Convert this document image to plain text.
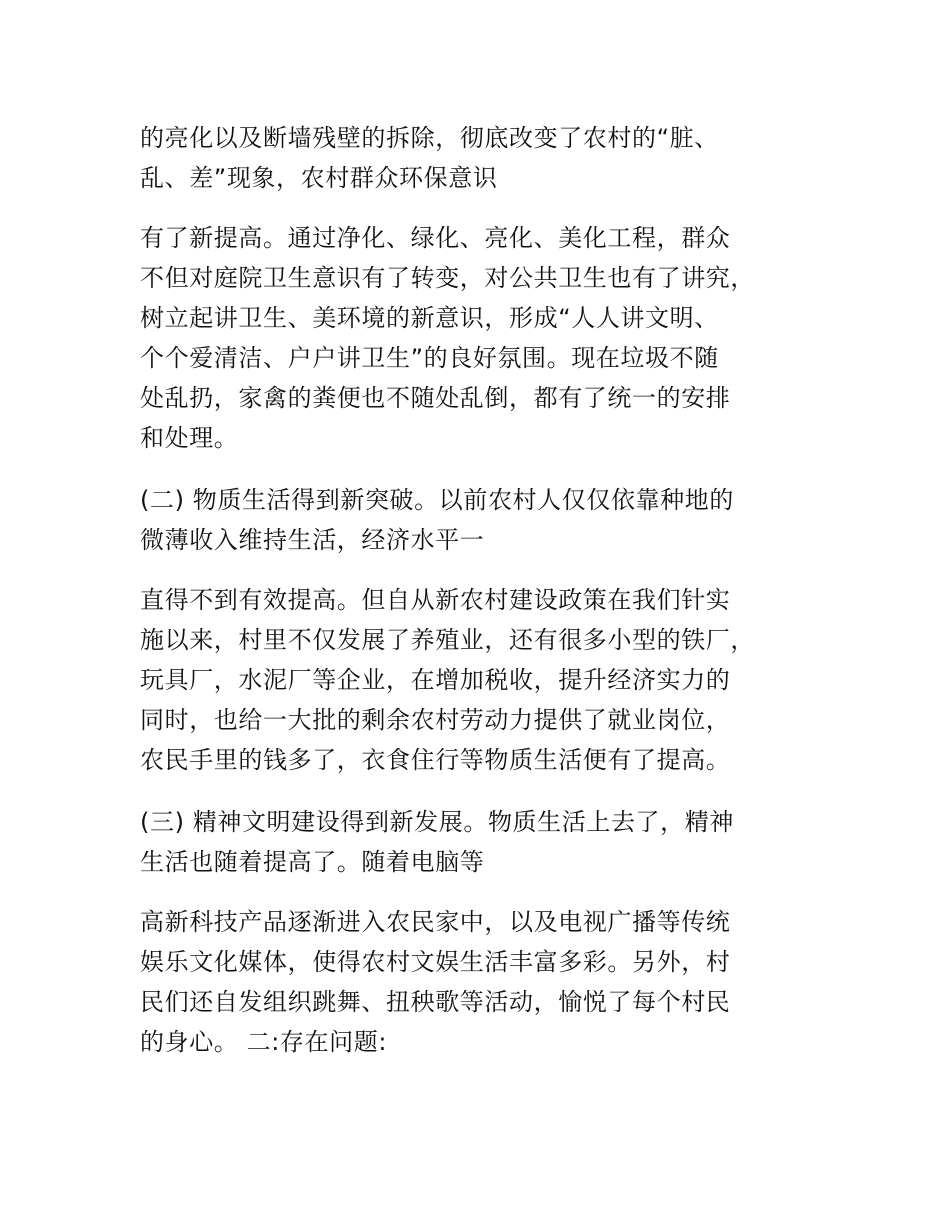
的亮化以及断墙残壁的拆除，彻底改变了农村的“脏、
乱、差”现象，农村群众环保意识
有了新提高。通过净化、绿化、亮化、美化工程，群众
不但对庭院卫生意识有了转变，对公共卫生也有了讲究，
树立起讲卫生、美环境的新意识，形成“人人讲文明、
个个爱清洁、户户讲卫生”的良好氛围。现在垃圾不随
处乱扔，家禽的粪便也不随处乱倒，都有了统一的安排
和处理。
(二) 物质生活得到新突破。以前农村人仅仅依靠种地的
微薄收入维持生活，经济水平一
直得不到有效提高。但自从新农村建设政策在我们针实
施以来，村里不仅发展了养殖业，还有很多小型的铁厂，
玩具厂，水泥厂等企业，在增加税收，提升经济实力的
同时，也给一大批的剩余农村劳动力提供了就业岗位，
农民手里的钱多了，衣食住行等物质生活便有了提高。
(三) 精神文明建设得到新发展。物质生活上去了，精神
生活也随着提高了。随着电脑等
高新科技产品逐渐进入农民家中，以及电视广播等传统
娱乐文化媒体，使得农村文娱生活丰富多彩。另外，村
民们还自发组织跳舞、扭秧歌等活动，愉悦了每个村民
的身心。 二:存在问题:
